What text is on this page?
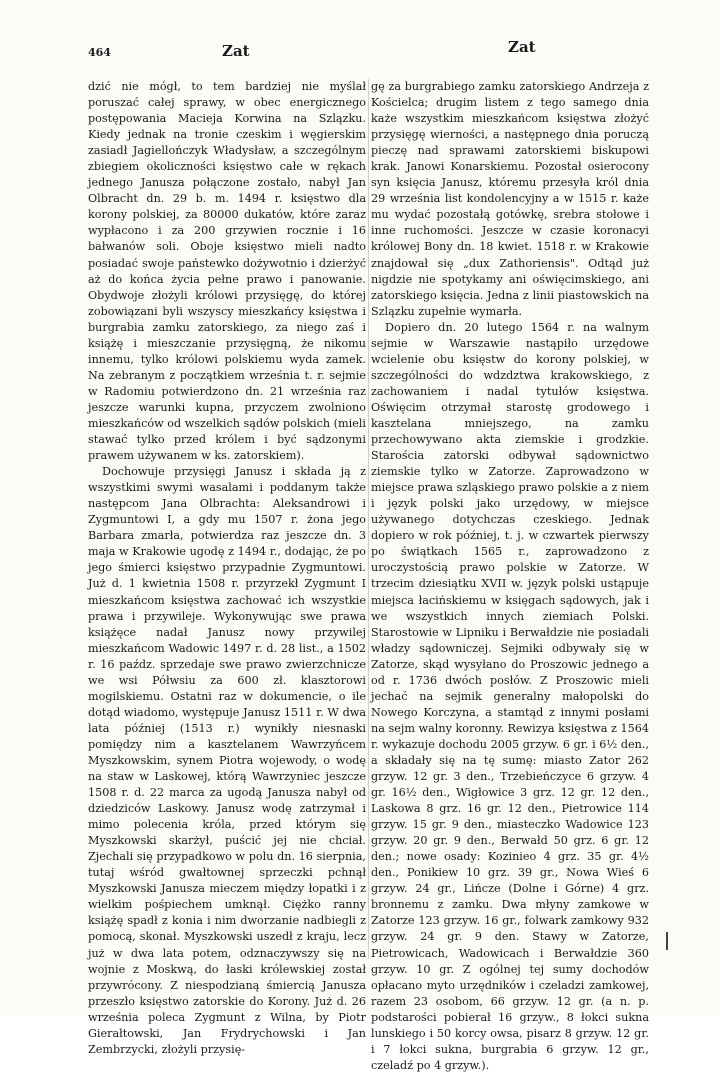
464	Zat	Zat

dzić nie mógł, to tem bardziej nie myślał poruszać całej sprawy, w obec energicznego postępowania Macieja Korwina na Szlązku. Kiedy jednak na tronie czeskim i węgierskim zasiadł Jagiellończyk Władysław, a szczególnym zbiegiem okoliczności księstwo całe w rękach jednego Janusza połączone zostało, nabył Jan Olbracht dn. 29 b. m. 1494 r. księstwo dla korony polskiej, za 80000 dukatów, które zaraz wypłacono i za 200 grzywien rocznie i 16 bałwanów soli. Oboje księstwo mieli nadto posiadać swoje państewko dożywotnio i dzierżyć aż do końca życia pełne prawo i panowanie. Obydwoje złożyli królowi przysięgę, do której zobowiązani byli wszyscy mieszkańcy księstwa i burgrabia zamku zatorskiego, za niego zaś i książę i mieszczanie przysięgną, że nikomu innemu, tylko królowi polskiemu wyda zamek. Na zebranym z początkiem września t. r. sejmie w Radomiu potwierdzono dn. 21 września raz jeszcze warunki kupna, przyczem zwolniono mieszkańców od wszelkich sądów polskich (mieli stawać tylko przed królem i być sądzonymi prawem używanem w ks. zatorskiem).

Dochowuje przysięgi Janusz i składa ją z wszystkimi swymi wasalami i poddanym także następcom Jana Olbrachta: Aleksandrowi i Zygmuntowi I, a gdy mu 1507 r. żona jego Barbara zmarła, potwierdza raz jeszcze dn. 3 maja w Krakowie ugodę z 1494 r., dodając, że po jego śmierci księstwo przypadnie Zygmuntowi. Już d. 1 kwietnia 1508 r. przyrzekł Zygmunt I mieszkańcom księstwa zachować ich wszystkie prawa i przywileje. Wykonywując swe prawa książęce nadał Janusz nowy przywilej mieszkańcom Wadowic 1497 r. d. 28 list., a 1502 r. 16 paźdz. sprzedaje swe prawo zwierzchnicze we wsi Półwsiu za 600 zł. klasztorowi mogilskiemu. Ostatni raz w dokumencie, o ile dotąd wiadomo, występuje Janusz 1511 r. W dwa lata później (1513 r.) wynikły niesnaski pomiędzy nim a kasztelanem Wawrzyńcem Myszkowskim, synem Piotra wojewody, o wodę na staw w Laskowej, którą Wawrzyniec jeszcze 1508 r. d. 22 marca za ugodą Janusza nabył od dziedziców Laskowy. Janusz wodę zatrzymał i mimo polecenia króla, przed którym się Myszkowski skarżył, puścić jej nie chciał. Zjechali się przypadkowo w polu dn. 16 sierpnia, tutaj wśród gwałtownej sprzeczki pchnął Myszkowski Janusza mieczem między łopatki i z wielkim pośpiechem umknął. Ciężko ranny książę spadł z konia i nim dworzanie nadbiegli z pomocą, skonał. Myszkowski uszedł z kraju, lecz już w dwa lata potem, odznaczywszy się na wojnie z Moskwą, do łaski królewskiej został przywrócony. Z niespodzianą śmiercią Janusza przeszło księstwo zatorskie do Korony. Już d. 26 września poleca Zygmunt z Wilna, by Piotr Gierałtowski, Jan Frydrychowski i Jan Zembrzycki, złożyli przysię-

gę za burgrabiego zamku zatorskiego Andrzeja z Kościelca; drugim listem z tego samego dnia każe wszystkim mieszkańcom księstwa złożyć przysięgę wierności, a następnego dnia poruczą pieczę nad sprawami zatorskiemi biskupowi krak. Janowi Konarskiemu. Pozostał osierocony syn księcia Janusz, któremu przesyła król dnia 29 września list kondolencyjny a w 1515 r. każe mu wydać pozostałą gotówkę, srebra stołowe i inne ruchomości. Jeszcze w czasie koronacyi królowej Bony dn. 18 kwiet. 1518 r. w Krakowie znajdował się „dux Zathoriensis". Odtąd już nigdzie nie spotykamy ani oświęcimskiego, ani zatorskiego księcia. Jedna z linii piastowskich na Szlązku zupełnie wymarła.

Dopiero dn. 20 lutego 1564 r. na walnym sejmie w Warszawie nastąpiło urzędowe wcielenie obu księstw do korony polskiej, w szczególności do wdzdztwa krakowskiego, z zachowaniem i nadal tytułów księstwa. Oświęcim otrzymał starostę grodowego i kasztelana mniejszego, na zamku przechowywano akta ziemskie i grodzkie. Starościa zatorski odbywał sądownictwo ziemskie tylko w Zatorze. Zaprowadzono w miejsce prawa szląskiego prawo polskie a z niem i język polski jako urzędowy, w miejsce używanego dotychczas czeskiego. Jednak dopiero w rok później, t. j. w czwartek pierwszy po świątkach 1565 r., zaprowadzono z uroczystością prawo polskie w Zatorze. W trzecim dziesiątku XVII w. język polski ustąpuje miejsca łacińskiemu w księgach sądowych, jak i we wszystkich innych ziemiach Polski. Starostowie w Lipniku i Berwałdzie nie posiadali władzy sądowniczej. Sejmiki odbywały się w Zatorze, skąd wysyłano do Proszowic jednego a od r. 1736 dwóch posłów. Z Proszowic mieli jechać na sejmik generalny małopolski do Nowego Korczyna, a stamtąd z innymi posłami na sejm walny koronny. Rewizya księstwa z 1564 r. wykazuje dochodu 2005 grzyw. 6 gr. i 6½ den., a składały się na tę sumę: miasto Zator 262 grzyw. 12 gr. 3 den., Trzebieńczyce 6 grzyw. 4 gr. 16½ den., Wigłowice 3 grz. 12 gr. 12 den., Laskowa 8 grz. 16 gr. 12 den., Pietrowice 114 grzyw. 15 gr. 9 den., miasteczko Wadowice 123 grzyw. 20 gr. 9 den., Berwałd 50 grz. 6 gr. 12 den.; nowe osady: Kozinieo 4 grz. 35 gr. 4½ den., Ponikiew 10 grz. 39 gr., Nowa Wieś 6 grzyw. 24 gr., Lińcze (Dolne i Górne) 4 grz. bronnemu z zamku. Dwa młyny zamkowe w Zatorze 123 grzyw. 16 gr., folwark zamkowy 932 grzyw. 24 gr. 9 den. Stawy w Zatorze, Pietrowicach, Wadowicach i Berwałdzie 360 grzyw. 10 gr. Z ogólnej tej sumy dochodów opłacano myto urzędników i czeladzi zamkowej, razem 23 osobom, 66 grzyw. 12 gr. (a n. p. podstarości pobierał 16 grzyw., 8 łokci sukna lunskiego i 50 korcy owsa, pisarz 8 grzyw. 12 gr. i 7 łokci sukna, burgrabia 6 grzyw. 12 gr., czeladź po 4 grzyw.).
